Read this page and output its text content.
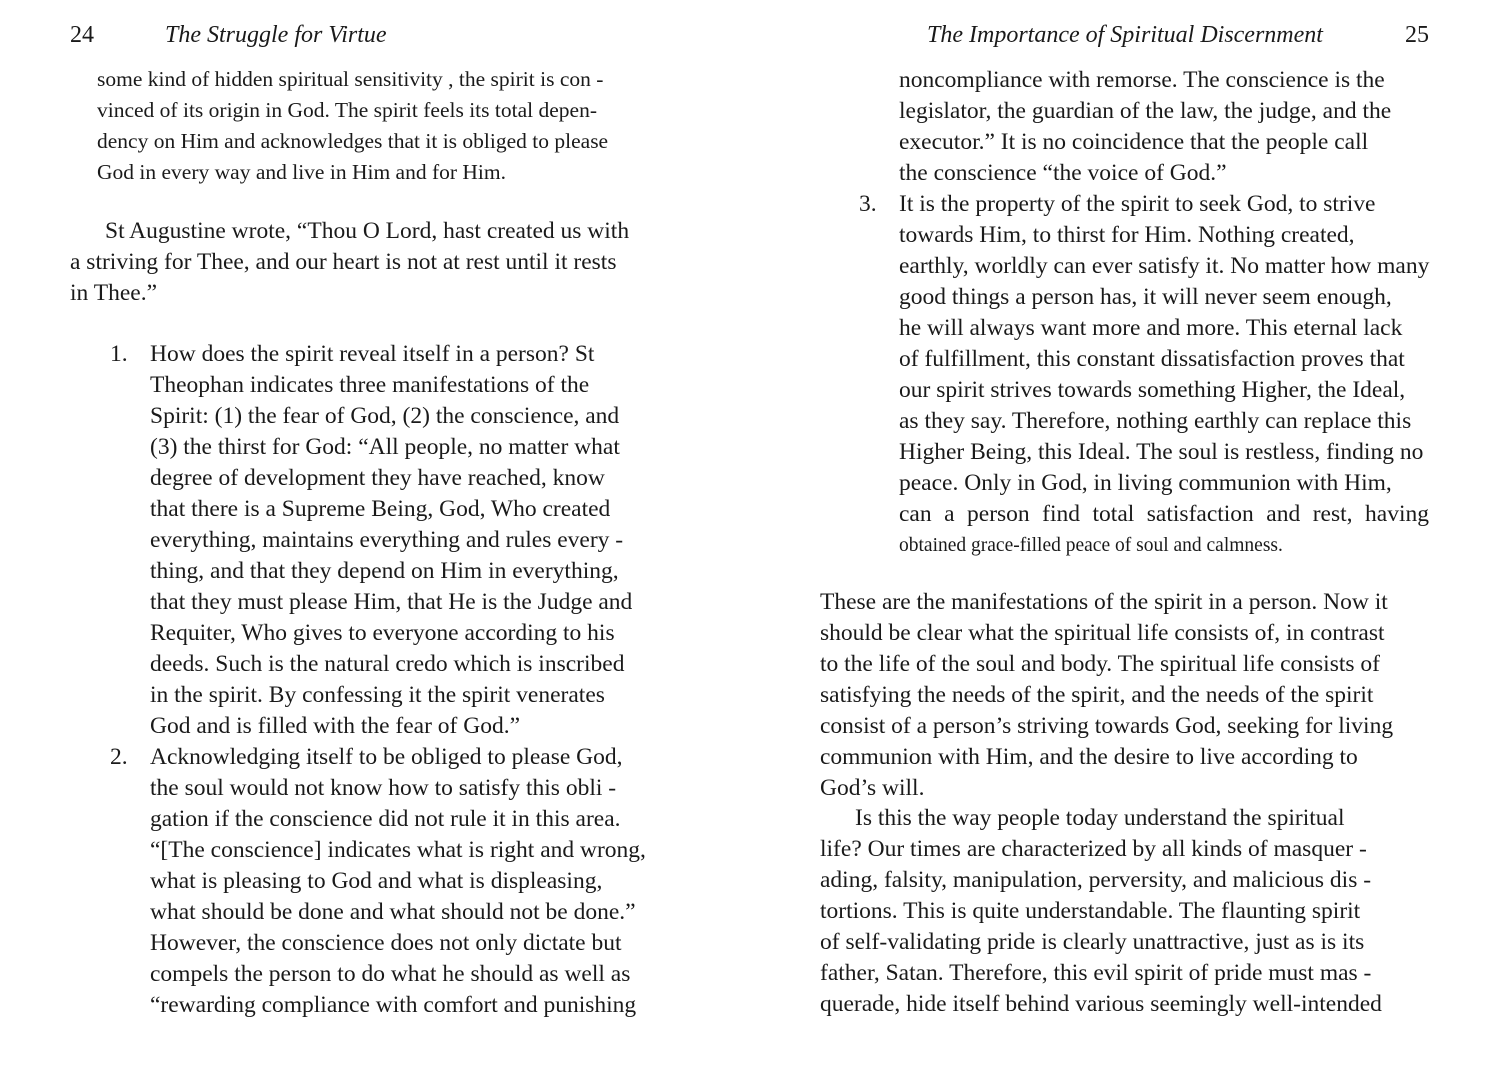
24	The Struggle for Virtue
some kind of hidden spiritual sensitivity , the spirit is con -
vinced of its origin in God. The spirit feels its total depen-
dency on Him and acknowledges that it is obliged to please
God in every way and live in Him and for Him.
St Augustine wrote, “Thou O Lord, hast created us with
a striving for Thee, and our heart is not at rest until it rests
in Thee.”
1. How does the spirit reveal itself in a person? St
Theophan indicates three manifestations of the
Spirit: (1) the fear of God, (2) the conscience, and
(3) the thirst for God: “All people, no matter what
degree of development they have reached, know
that there is a Supreme Being, God, Who created
everything, maintains everything and rules every -
thing, and that they depend on Him in everything,
that they must please Him, that He is the Judge and
Requiter, Who gives to everyone according to his
deeds. Such is the natural credo which is inscribed
in the spirit. By confessing it the spirit venerates
God and is filled with the fear of God.”
2. Acknowledging itself to be obliged to please God,
the soul would not know how to satisfy this obli -
gation if the conscience did not rule it in this area.
“[The conscience] indicates what is right and wrong,
what is pleasing to God and what is displeasing,
what should be done and what should not be done.”
However, the conscience does not only dictate but
compels the person to do what he should as well as
“rewarding compliance with comfort and punishing
The Importance of Spiritual Discernment	25
noncompliance with remorse. The conscience is the
legislator, the guardian of the law, the judge, and the
executor.” It is no coincidence that the people call
the conscience “the voice of God.”
3. It is the property of the spirit to seek God, to strive
towards Him, to thirst for Him. Nothing created,
earthly, worldly can ever satisfy it. No matter how many
good things a person has, it will never seem enough,
he will always want more and more. This eternal lack
of fulfillment, this constant dissatisfaction proves that
our spirit strives towards something Higher, the Ideal,
as they say. Therefore, nothing earthly can replace this
Higher Being, this Ideal. The soul is restless, finding no
peace. Only in God, in living communion with Him,
can a person find total satisfaction and rest, having
obtained grace-filled peace of soul and calmness.
These are the manifestations of the spirit in a person. Now it
should be clear what the spiritual life consists of, in contrast
to the life of the soul and body. The spiritual life consists of
satisfying the needs of the spirit, and the needs of the spirit
consist of a person’s striving towards God, seeking for living
communion with Him, and the desire to live according to
God’s will.
Is this the way people today understand the spiritual
life? Our times are characterized by all kinds of masquer -
ading, falsity, manipulation, perversity, and malicious dis -
tortions. This is quite understandable. The flaunting spirit
of self-validating pride is clearly unattractive, just as is its
father, Satan. Therefore, this evil spirit of pride must mas -
querade, hide itself behind various seemingly well-intended
